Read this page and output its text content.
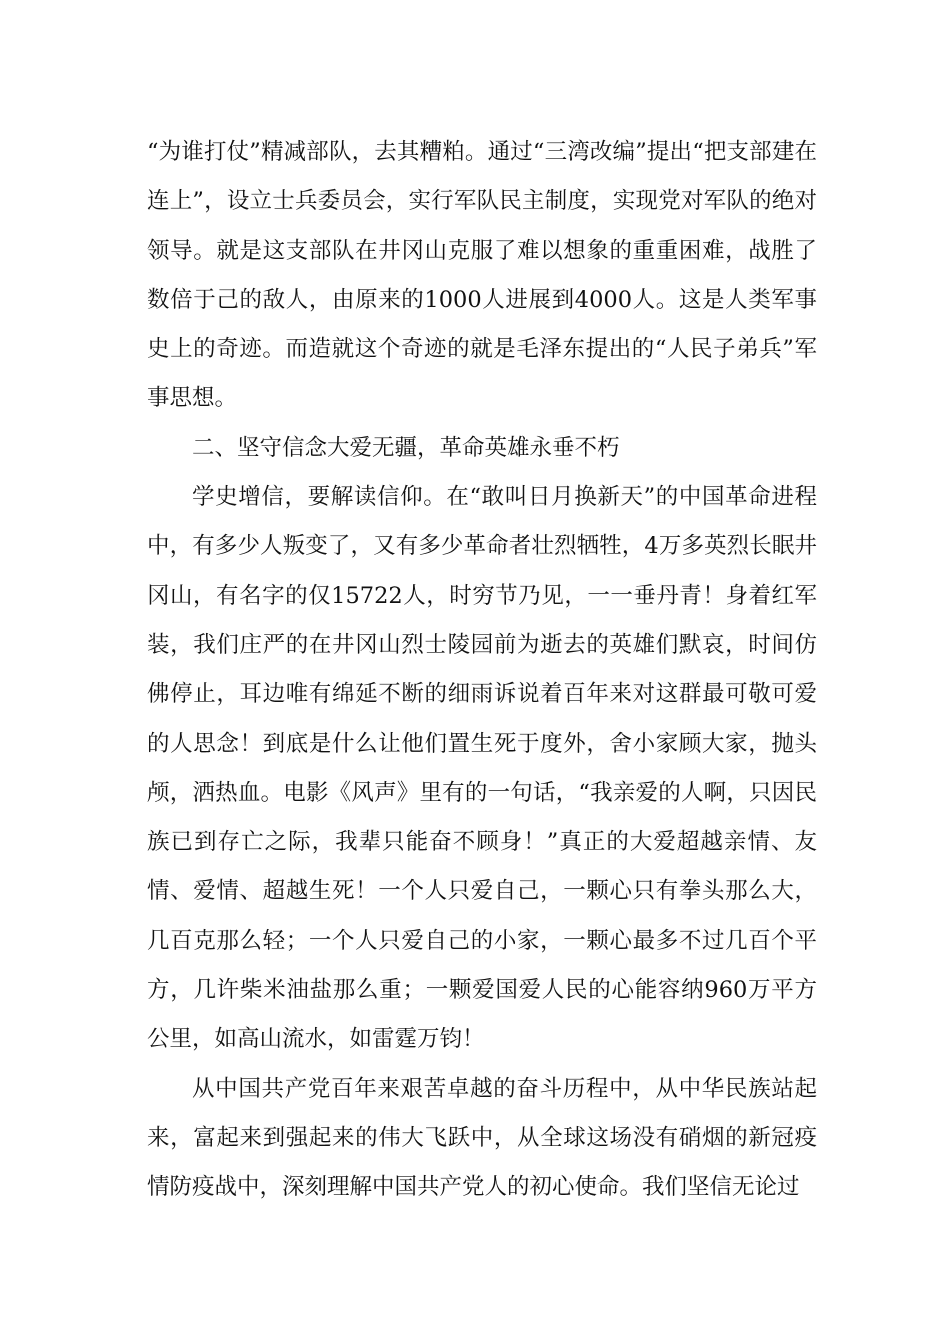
“为谁打仗”精减部队，去其糟粕。通过“三湾改编”提出“把支部建在连上”，设立士兵委员会，实行军队民主制度，实现党对军队的绝对领导。就是这支部队在井冈山克服了难以想象的重重困难，战胜了数倍于己的敌人，由原来的1000人进展到4000人。这是人类军事史上的奇迹。而造就这个奇迹的就是毛泽东提出的“人民子弟兵”军事思想。

二、坚守信念大爱无疆，革命英雄永垂不朽

学史增信，要解读信仰。在“敢叫日月换新天”的中国革命进程中，有多少人叛变了，又有多少革命者壮烈牺牲，4万多英烈长眠井冈山，有名字的仅15722人，时穷节乃见，一一垂丹青！身着红军装，我们庄严的在井冈山烈士陵园前为逝去的英雄们默哀，时间仿佛停止，耳边唯有绵延不断的细雨诉说着百年来对这群最可敬可爱的人思念！到底是什么让他们置生死于度外，舍小家顾大家，抛头颅，洒热血。电影《风声》里有的一句话，“我亲爱的人啊，只因民族已到存亡之际，我辈只能奋不顾身！”真正的大爱超越亲情、友情、爱情、超越生死！一个人只爱自己，一颗心只有拳头那么大，几百克那么轻；一个人只爱自己的小家，一颗心最多不过几百个平方，几许柴米油盐那么重；一颗爱国爱人民的心能容纳960万平方公里，如高山流水，如雷霆万钧！

从中国共产党百年来艰苦卓越的奋斗历程中，从中华民族站起来，富起来到强起来的伟大飞跃中，从全球这场没有硝烟的新冠疫情防疫战中，深刻理解中国共产党人的初心使命。我们坚信无论过
